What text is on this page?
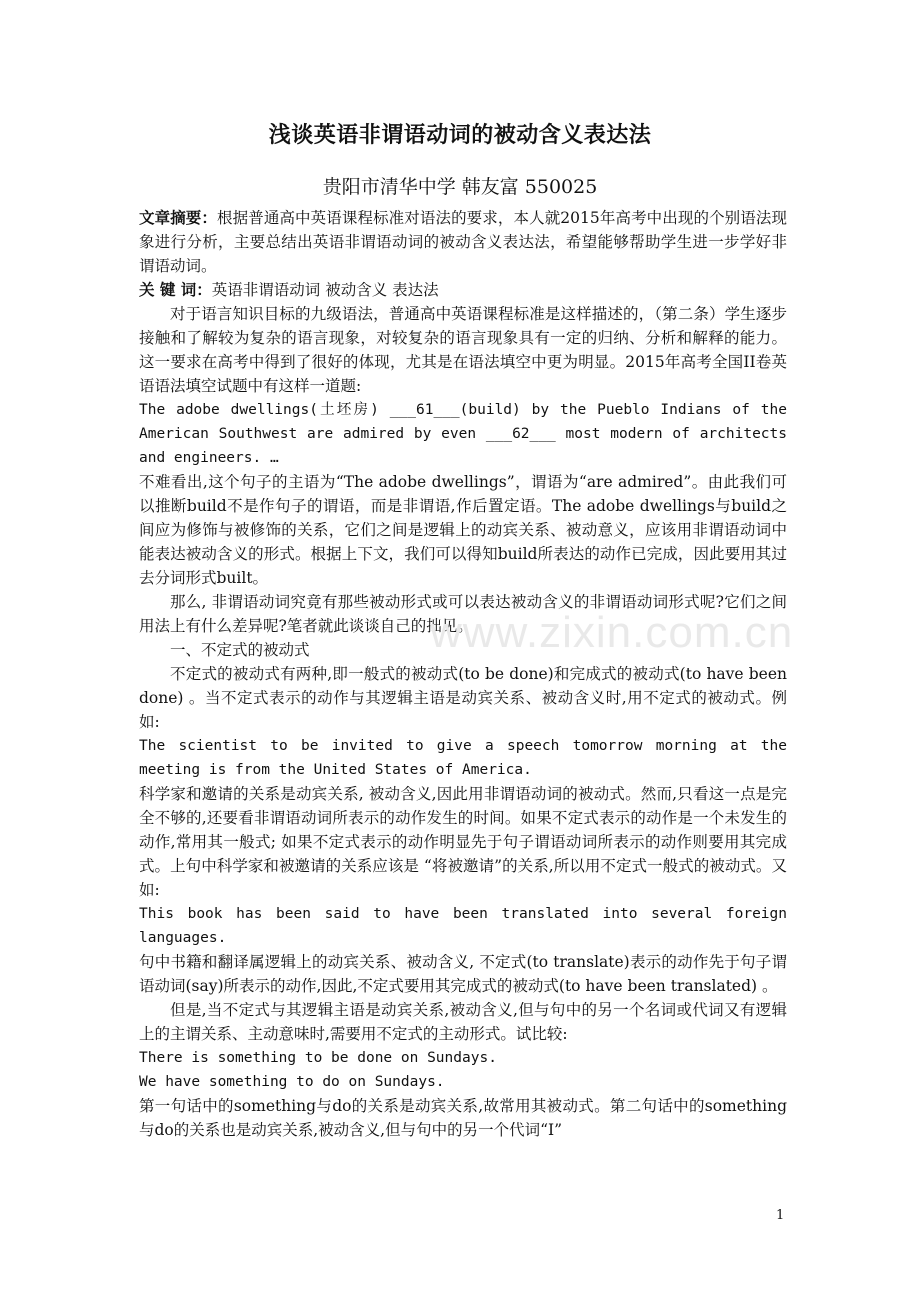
浅谈英语非谓语动词的被动含义表达法
贵阳市清华中学 韩友富 550025

文章摘要：根据普通高中英语课程标准对语法的要求，本人就2015年高考中出现的个别语法现象进行分析，主要总结出英语非谓语动词的被动含义表达法，希望能够帮助学生进一步学好非谓语动词。

关 键 词：英语非谓语动词 被动含义 表达法

对于语言知识目标的九级语法，普通高中英语课程标准是这样描述的，（第二条）学生逐步接触和了解较为复杂的语言现象，对较复杂的语言现象具有一定的归纳、分析和解释的能力。这一要求在高考中得到了很好的体现，尤其是在语法填空中更为明显。2015年高考全国II卷英语语法填空试题中有这样一道题:

The adobe dwellings(土坯房) ___61___(build) by the Pueblo Indians of the American Southwest are admired by even ___62___ most modern of architects and engineers. …

不难看出,这个句子的主语为“The adobe dwellings”，谓语为“are admired”。由此我们可以推断build不是作句子的谓语，而是非谓语,作后置定语。The adobe dwellings与build之间应为修饰与被修饰的关系，它们之间是逻辑上的动宾关系、被动意义，应该用非谓语动词中能表达被动含义的形式。根据上下文，我们可以得知build所表达的动作已完成，因此要用其过去分词形式built。

那么, 非谓语动词究竟有那些被动形式或可以表达被动含义的非谓语动词形式呢?它们之间用法上有什么差异呢?笔者就此谈谈自己的拙见。

一、不定式的被动式

不定式的被动式有两种,即一般式的被动式(to be done)和完成式的被动式(to have been done) 。当不定式表示的动作与其逻辑主语是动宾关系、被动含义时,用不定式的被动式。例如:

The scientist to be invited to give a speech tomorrow morning at the meeting is from the United States of America.

科学家和邀请的关系是动宾关系, 被动含义,因此用非谓语动词的被动式。然而,只看这一点是完全不够的,还要看非谓语动词所表示的动作发生的时间。如果不定式表示的动作是一个未发生的动作,常用其一般式; 如果不定式表示的动作明显先于句子谓语动词所表示的动作则要用其完成式。上句中科学家和被邀请的关系应该是 “将被邀请”的关系,所以用不定式一般式的被动式。又如:

This book has been said to have been translated into several foreign languages.

句中书籍和翻译属逻辑上的动宾关系、被动含义, 不定式(to translate)表示的动作先于句子谓语动词(say)所表示的动作,因此,不定式要用其完成式的被动式(to have been translated) 。

但是,当不定式与其逻辑主语是动宾关系,被动含义,但与句中的另一个名词或代词又有逻辑上的主谓关系、主动意味时,需要用不定式的主动形式。试比较:

There is something to be done on Sundays.

We have something to do on Sundays.

第一句话中的something与do的关系是动宾关系,故常用其被动式。第二句话中的something与do的关系也是动宾关系,被动含义,但与句中的另一个代词“I”

www.zixin.com.cn
1
